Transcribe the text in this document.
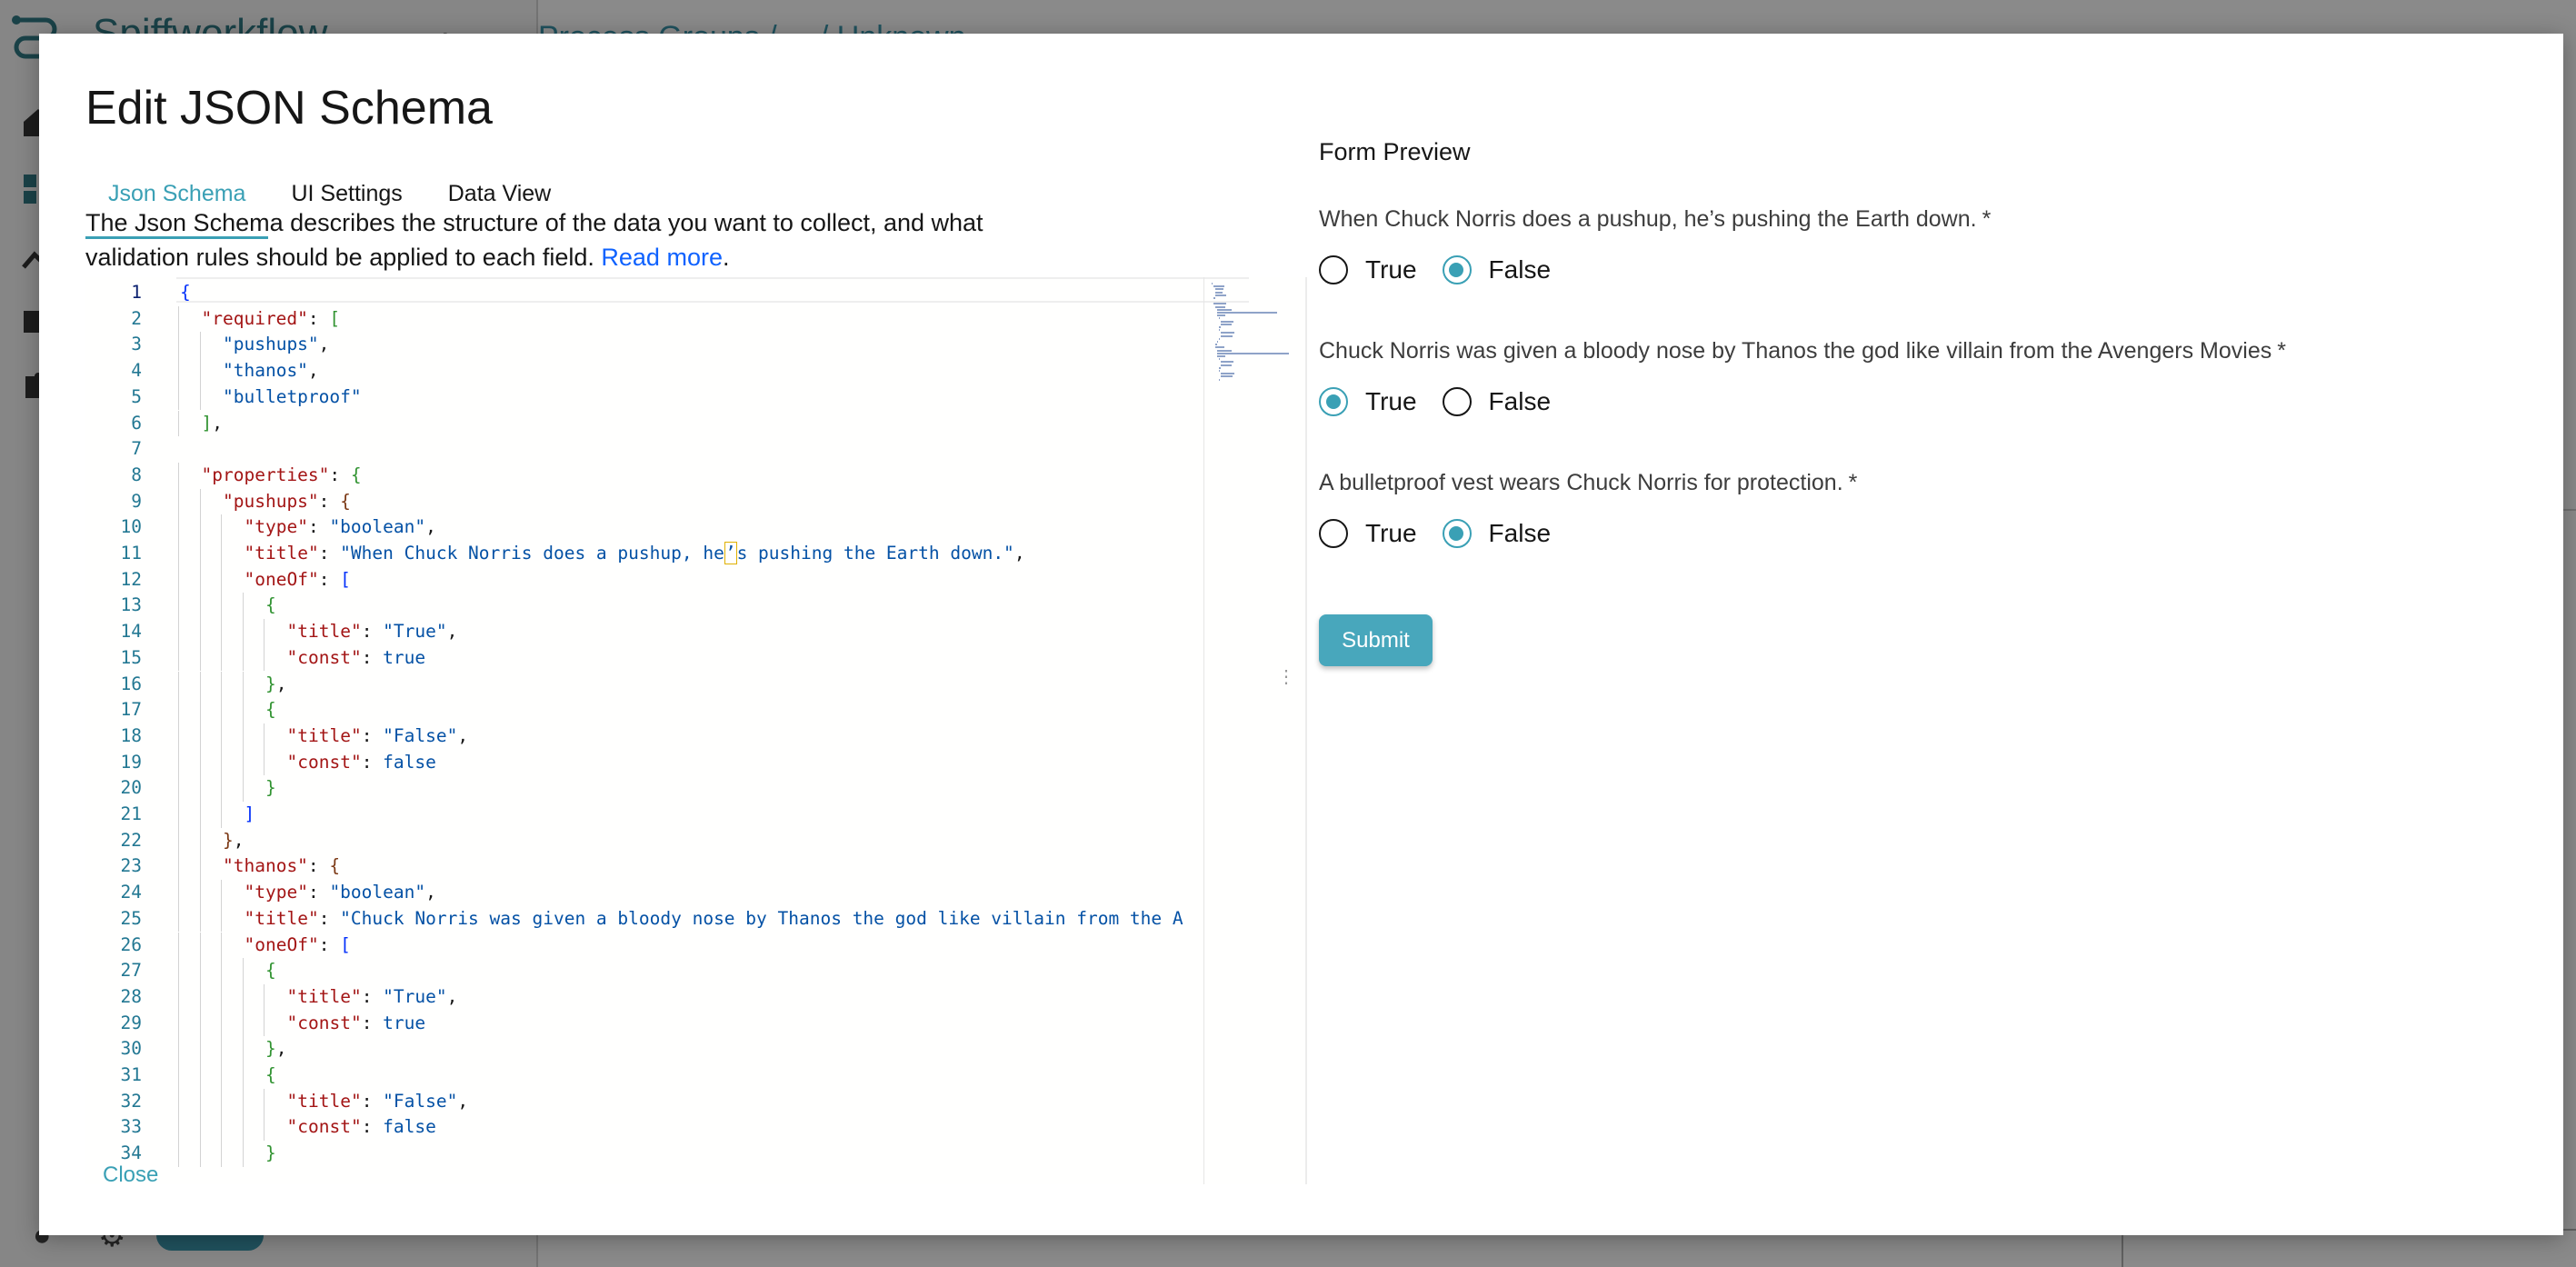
Edit JSON Schema
Json Schema	UI Settings	Data View
The Json Schema describes the structure of the data you want to collect, and what validation rules should be applied to each field. Read more.
1
2
3
4
5
6
7
8
9
10
11
12
13
14
15
16
17
18
19
20
21
22
23
24
25
26
27
28
29
30
31
32
33
34
{
"required": [
"pushups",
"thanos",
"bulletproof"
],
"properties": {
"pushups": {
"type": "boolean",
"title": "When Chuck Norris does a pushup, he’s pushing the Earth down.",
"oneOf": [
{
"title": "True",
"const": true
},
{
"title": "False",
"const": false
}
]
},
"thanos": {
"type": "boolean",
"title": "Chuck Norris was given a bloody nose by Thanos the god like villain from the A
"oneOf": [
{
"title": "True",
"const": true
},
{
"title": "False",
"const": false
}
⋮
Close
Form Preview
When Chuck Norris does a pushup, he’s pushing the Earth down. *
True	False
Chuck Norris was given a bloody nose by Thanos the god like villain from the Avengers Movies *
True	False
A bulletproof vest wears Chuck Norris for protection. *
True	False
Submit
